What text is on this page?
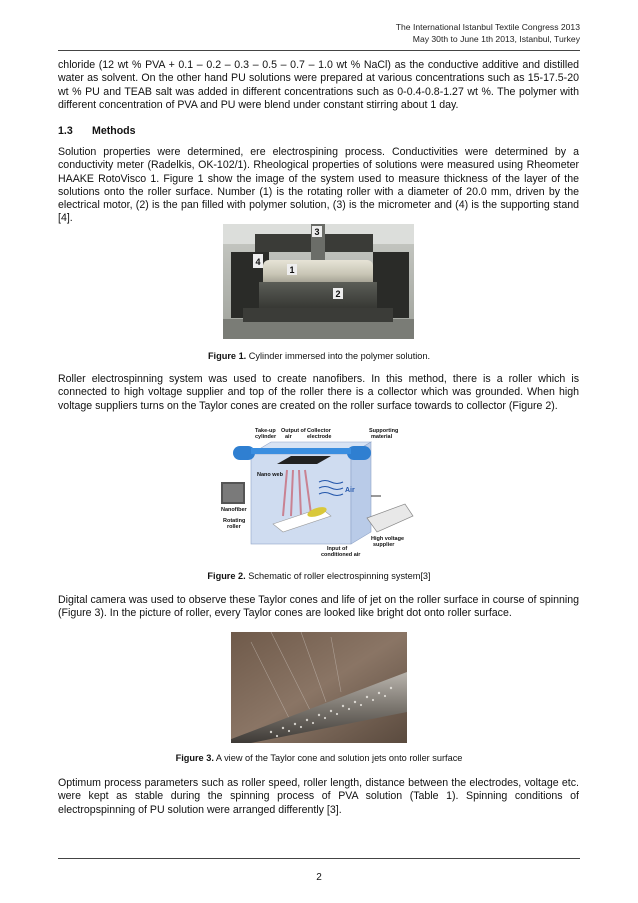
The International Istanbul Textile Congress 2013
May 30th to June 1th 2013, Istanbul, Turkey

chloride (12 wt % PVA + 0.1 – 0.2 – 0.3 – 0.5 – 0.7 – 1.0 wt % NaCl) as the conductive additive and distilled water as solvent. On the other hand PU solutions were prepared at various concentrations such as 15-17.5-20 wt % PU and TEAB salt was added in different concentrations such as 0-0.4-0.8-1.27 wt %. The polymer with different concentration of PVA and PU were blend under constant stirring about 1 day.

1.3 Methods

Solution properties were determined, ere electrospining process. Conductivities were determined by a conductivity meter (Radelkis, OK-102/1). Rheological properties of solutions were measured using Rheometer HAAKE RotoVisco 1. Figure 1 show the image of the system used to measure thickness of the layer of the solutions onto the roller surface. Number (1) is the rotating roller with a diameter of 20.0 mm, driven by the electrical motor, (2) is the pan filled with polymer solution, (3) is the micrometer and (4) is the supporting stand [4].

4
3
1
2

Figure 1. Cylinder immersed into the polymer solution.

Roller electrospinning system was used to create nanofibers. In this method, there is a roller which is connected to high voltage supplier and top of the roller there is a collector which was grounded. When high voltage suppliers turns on the Taylor cones are created on the roller surface towards to collector (Figure 2).

Take-up
cylinder
Output of
air
Collector
electrode
Supporting
material
Nano web
Air
Nanofiber
Rotating
roller
High voltage
supplier
Input of
conditioned air

Figure 2. Schematic of roller electrospinning system[3]

Digital camera was used to observe these Taylor cones and life of jet on the roller surface in course of spinning (Figure 3). In the picture of roller, every Taylor cones are looked like bright dot onto roller surface.

Figure 3. A view of the Taylor cone and solution jets onto roller surface

Optimum process parameters such as roller speed, roller length, distance between the electrodes, voltage etc. were kept as stable during the spinning process of PVA solution (Table 1). Spinning conditions of electropspinning of PU solution were arranged differently [3].

2
